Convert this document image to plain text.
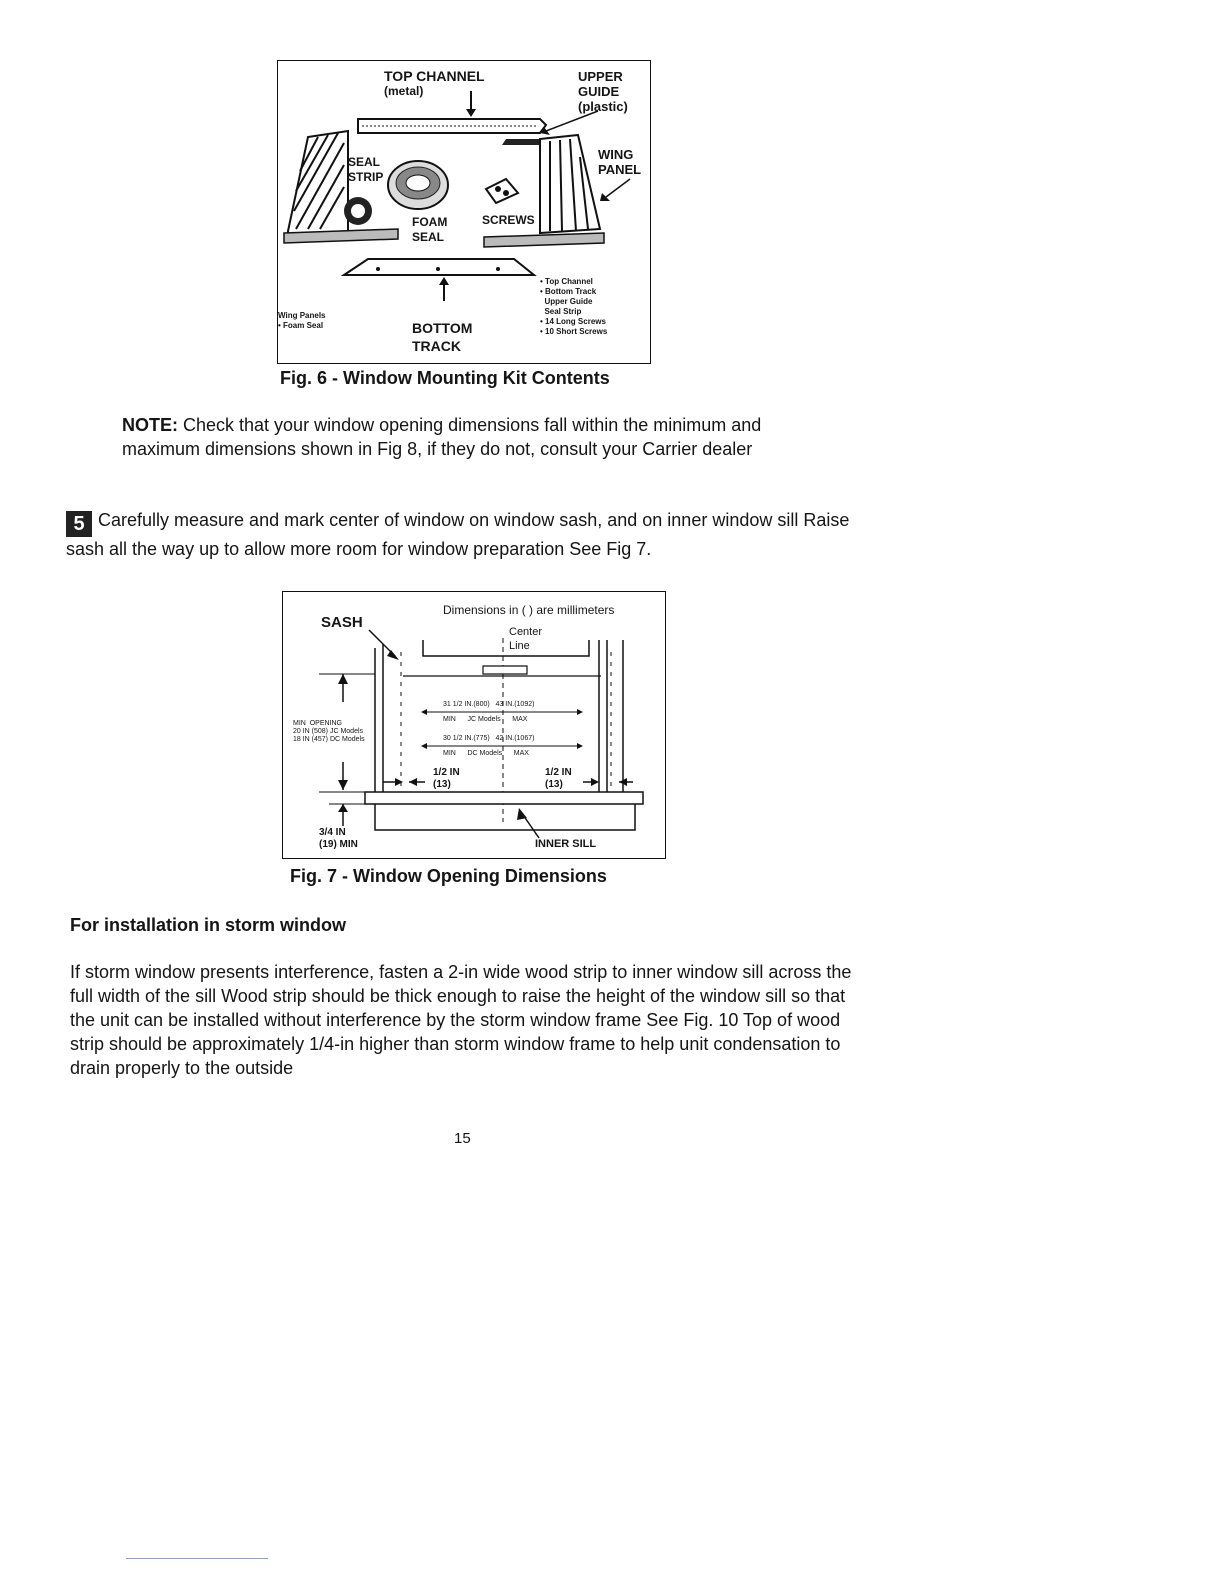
TOP CHANNEL
(metal)
UPPER
GUIDE
(plastic)
SEAL
STRIP
WING
PANEL
FOAM
SEAL
SCREWS
BOTTOM
TRACK
Wing Panels
• Foam Seal
• Top Channel
• Bottom Track
Upper Guide
Seal Strip
• 14 Long Screws
• 10 Short Screws
Fig. 6 - Window Mounting Kit Contents
NOTE: Check that your window opening dimensions fall within the minimum and maximum dimensions shown in Fig 8, if they do not, consult your Carrier dealer
5 Carefully measure and mark center of window on window sash, and on inner window sill Raise sash all the way up to allow more room for window preparation See Fig 7.
Dimensions in ( ) are millimeters
SASH
Center
Line
31 1/2 IN.(800)   43 IN.(1092)
MIN      JC Models      MAX
30 1/2 IN.(775)   42 IN.(1067)
MIN      DC Models      MAX
MIN  OPENING
20 IN (508) JC Models
18 IN (457) DC Models
1/2 IN
(13)
1/2 IN
(13)
3/4 IN
(19) MIN	INNER SILL
Fig. 7 - Window Opening Dimensions
For installation in storm window
If storm window presents interference, fasten a 2-in wide wood strip to inner window sill across the full width of the sill Wood strip should be thick enough to raise the height of the window sill so that the unit can be installed without interference by the storm window frame See Fig. 10 Top of wood strip should be approximately 1/4-in higher than storm window frame to help unit condensation to drain properly to the outside
15
